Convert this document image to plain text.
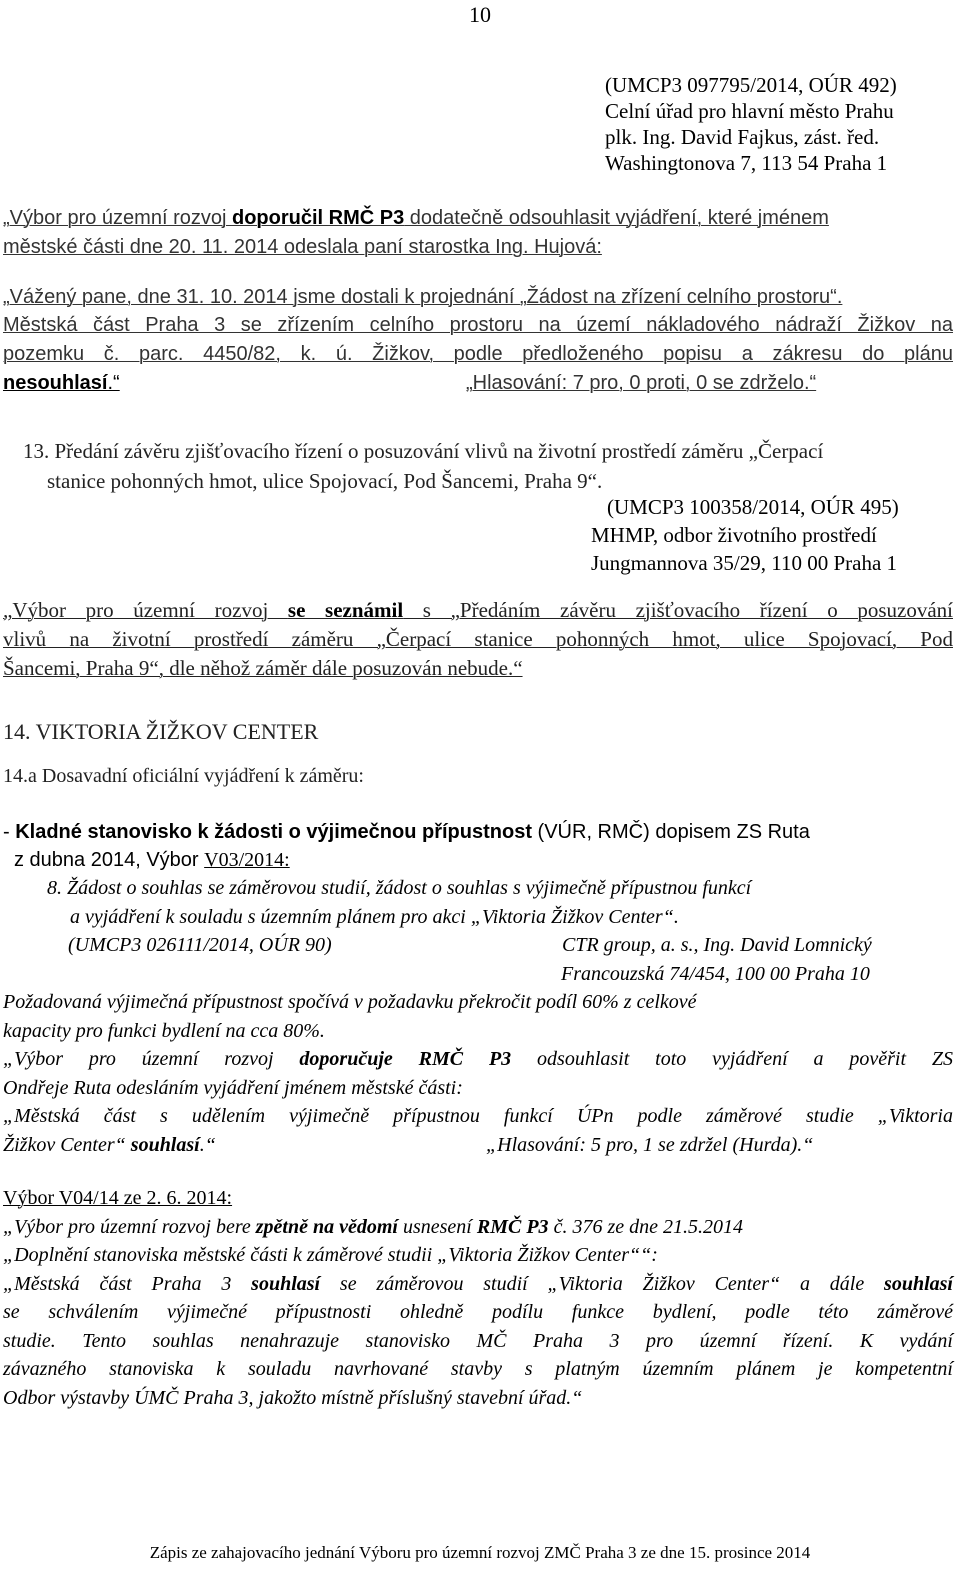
10
(UMCP3 097795/2014, OÚR 492)
Celní úřad pro hlavní město Prahu
plk. Ing. David Fajkus, zást. řed.
Washingtonova 7, 113 54 Praha 1
„Výbor pro územní rozvoj doporučil RMČ P3 dodatečně odsouhlasit vyjádření, které jménem
městské části dne 20. 11. 2014 odeslala paní starostka Ing. Hujová:
„Vážený pane, dne 31. 10. 2014 jsme dostali k projednání „Žádost na zřízení celního prostoru“.
Městská část Praha 3 se zřízením celního prostoru na území nákladového nádraží Žižkov na
pozemku č. parc. 4450/82, k. ú. Žižkov, podle předloženého popisu a zákresu do plánu
nesouhlasí.“	„Hlasování: 7 pro, 0 proti, 0 se zdrželo.“
13. Předání závěru zjišťovacího řízení o posuzování vlivů na životní prostředí záměru „Čerpací
stanice pohonných hmot, ulice Spojovací, Pod Šancemi, Praha 9“.
(UMCP3 100358/2014, OÚR 495)
MHMP, odbor životního prostředí
Jungmannova 35/29, 110 00 Praha 1
„Výbor pro územní rozvoj se seznámil s „Předáním závěru zjišťovacího řízení o posuzování
vlivů na životní prostředí záměru „Čerpací stanice pohonných hmot, ulice Spojovací, Pod
Šancemi, Praha 9“, dle něhož záměr dále posuzován nebude.“
14. VIKTORIA ŽIŽKOV CENTER
14.a Dosavadní oficiální vyjádření k záměru:
- Kladné stanovisko k žádosti o výjimečnou přípustnost (VÚR, RMČ) dopisem ZS Ruta
z dubna 2014, Výbor V03/2014:
8. Žádost o souhlas se záměrovou studií, žádost o souhlas s výjimečně přípustnou funkcí
a vyjádření k souladu s územním plánem pro akci „Viktoria Žižkov Center“.
(UMCP3 026111/2014, OÚR 90)	CTR group, a. s., Ing. David Lomnický
Francouzská 74/454, 100 00 Praha 10
Požadovaná výjimečná přípustnost spočívá v požadavku překročit podíl 60% z celkové
kapacity pro funkci bydlení na cca 80%.
„Výbor pro územní rozvoj doporučuje RMČ P3 odsouhlasit toto vyjádření a pověřit ZS
Ondřeje Ruta odesláním vyjádření jménem městské části:
„Městská část s udělením výjimečně přípustnou funkcí ÚPn podle záměrové studie „Viktoria
Žižkov Center“ souhlasí.“	„Hlasování: 5 pro, 1 se zdržel (Hurda).“
Výbor V04/14 ze 2. 6. 2014:
„Výbor pro územní rozvoj bere zpětně na vědomí usnesení RMČ P3 č. 376 ze dne 21.5.2014
„Doplnění stanoviska městské části k záměrové studii „Viktoria Žižkov Center““:
„Městská část Praha 3 souhlasí se záměrovou studií „Viktoria Žižkov Center“ a dále souhlasí
se schválením výjimečné přípustnosti ohledně podílu funkce bydlení, podle této záměrové
studie. Tento souhlas nenahrazuje stanovisko MČ Praha 3 pro územní řízení. K vydání
závazného stanoviska k souladu navrhované stavby s platným územním plánem je kompetentní
Odbor výstavby ÚMČ Praha 3, jakožto místně příslušný stavební úřad.“
Zápis ze zahajovacího jednání Výboru pro územní rozvoj ZMČ Praha 3 ze dne 15. prosince 2014
